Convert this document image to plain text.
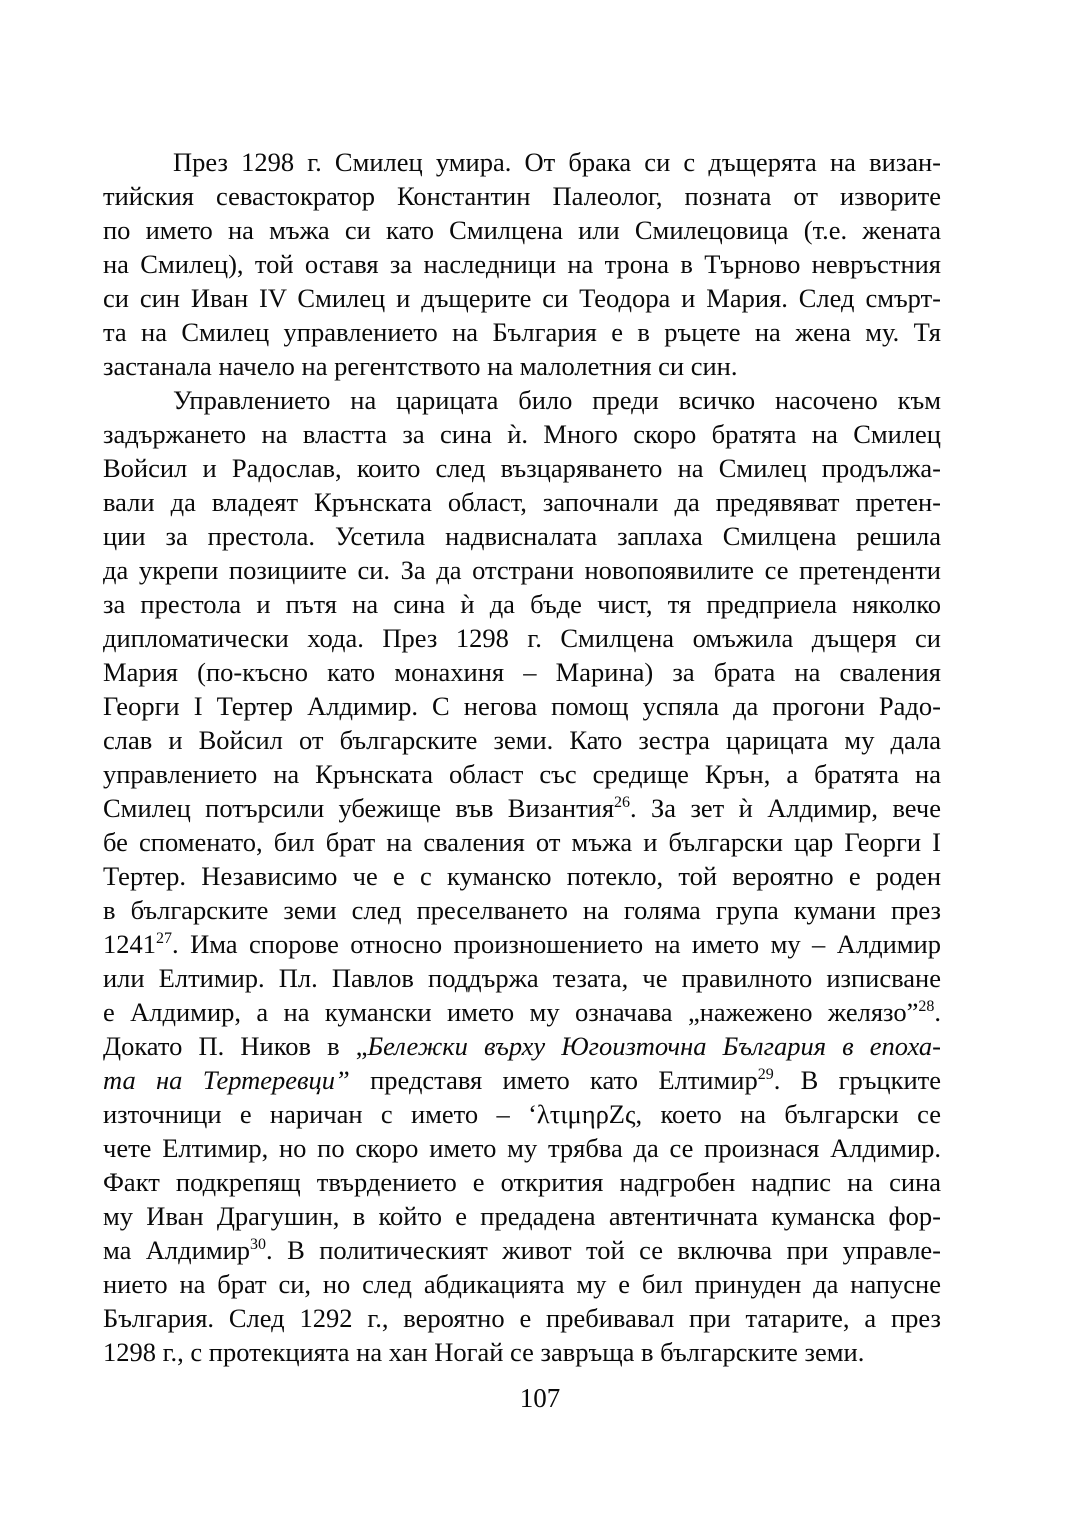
През 1298 г. Смилец умира. От брака си с дъщерята на визан-
тийския севастократор Константин Палеолог, позната от изворите
по името на мъжа си като Смилцена или Смилецовица (т.е. жената
на Смилец), той оставя за наследници на трона в Търново невръстния
си син Иван IV Смилец и дъщерите си Теодора и Мария. След смърт-
та на Смилец управлението на България е в ръцете на жена му. Тя
застанала начело на регентството на малолетния си син.
Управлението на царицата било преди всичко насочено към
задържането на властта за сина ѝ. Много скоро братята на Смилец
Войсил и Радослав, които след възцаряването на Смилец продължа-
вали да владеят Крънската област, започнали да предявяват претен-
ции за престола. Усетила надвисналата заплаха Смилцена решила
да укрепи позициите си. За да отстрани новопоявилите се претенденти
за престола и пътя на сина ѝ да бъде чист, тя предприела няколко
дипломатически хода. През 1298 г. Смилцена омъжила дъщеря си
Мария (по-късно като монахиня – Марина) за брата на сваления
Георги I Тертер Алдимир. С негова помощ успяла да прогони Радо-
слав и Войсил от българските земи. Като зестра царицата му дала
управлението на Крънската област със средище Крън, а братята на
Смилец потърсили убежище във Византия$^{26}$. За зет ѝ Алдимир, вече
бе споменато, бил брат на сваления от мъжа и български цар Георги I
Тертер. Независимо че е с куманско потекло, той вероятно е роден
в българските земи след преселването на голяма група кумани през
1241$^{27}$. Има спорове относно произношението на името му – Алдимир
или Елтимир. Пл. Павлов поддържа тезата, че правилното изписване
е Алдимир, а на кумански името му означава „нажежено желязо”$^{28}$.
Докато П. Ников в „Бележки върху Югоизточна България в епоха-
та на Тертеревци” представя името като Елтимир$^{29}$. В гръцките
източници е наричан с името – ‘λτιμηρΖς, което на български се
чете Елтимир, но по скоро името му трябва да се произнася Алдимир.
Факт подкрепящ твърдението е открития надгробен надпис на сина
му Иван Драгушин, в който е предадена автентичната куманска фор-
ма Алдимир$^{30}$. В политическият живот той се включва при управле-
нието на брат си, но след абдикацията му е бил принуден да напусне
България. След 1292 г., вероятно е пребивавал при татарите, а през
1298 г., с протекцията на хан Ногай се завръща в българските земи.
107
